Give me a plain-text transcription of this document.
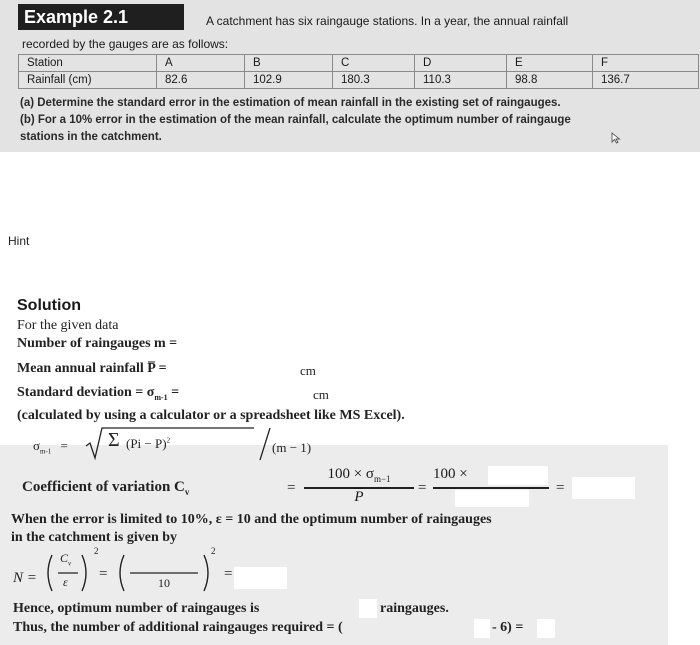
Example 2.1	A catchment has six raingauge stations. In a year, the annual rainfall
recorded by the gauges are as follows:
Station	A	B	C	D	E	F
Rainfall (cm)	82.6	102.9	180.3	110.3	98.8	136.7
(a) Determine the standard error in the estimation of mean rainfall in the existing set of raingauges.
(b) For a 10% error in the estimation of the mean rainfall, calculate the optimum number of raingauge
stations in the catchment.
Hint
Solution
For the given data
Number of raingauges m =
Mean annual rainfall P̅ =	cm
Standard deviation = $\sigma_{m-1}$ =	cm
(calculated by using a calculator or a spreadsheet like MS Excel).
$\sigma_{m-1} = \Sigma$ $(Pi - P)^2$	(m − 1)
Coefficient of variation $C_v$	=
$100 \times \sigma_{m-1}$
$\overline{P}$
=
100 ×
=
When the error is limited to 10%, ε = 10 and the optimum number of raingauges
in the catchment is given by
N =	=	=
$C_v$
ε
2
10
2
Hence, optimum number of raingauges is	raingauges.
Thus, the number of additional raingauges required = (	- 6) =
